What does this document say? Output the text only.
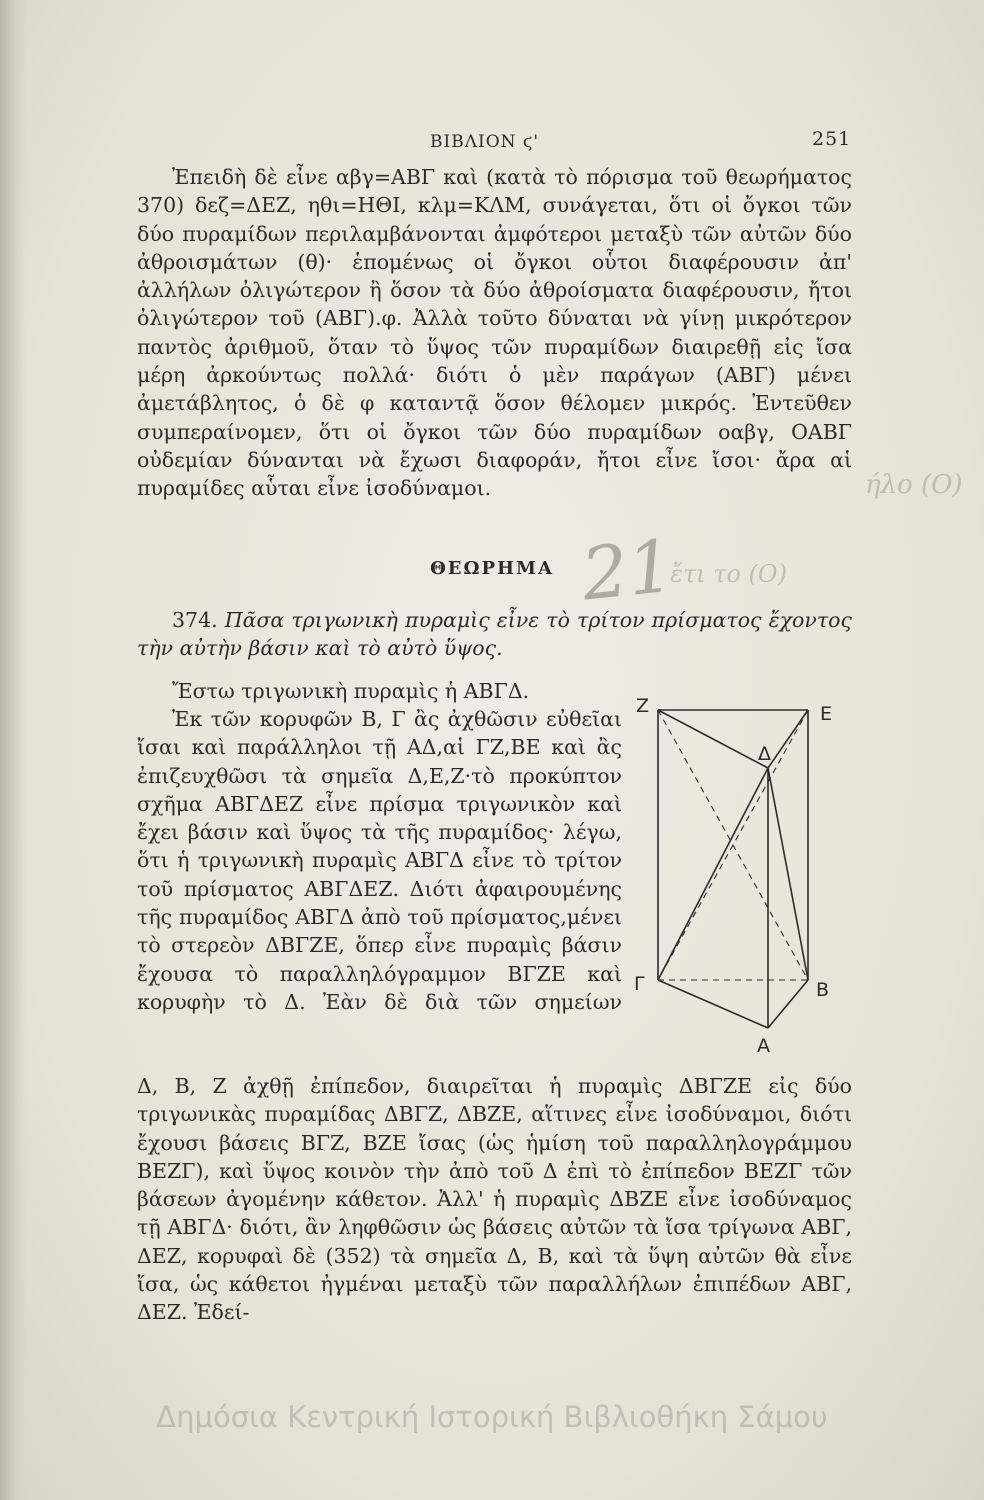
ΒΙΒΛΙΟΝ ϛ'	251
Ἐπειδὴ δὲ εἶνε αβγ=ΑΒΓ καὶ (κατὰ τὸ πόρισμα τοῦ θεωρήματος 370) δεζ=ΔΕΖ, ηθι=ΗΘΙ, κλμ=ΚΛΜ, συνάγεται, ὅτι οἱ ὄγκοι τῶν δύο πυραμίδων περιλαμβάνονται ἀμφότεροι μεταξὺ τῶν αὐτῶν δύο ἀθροισμάτων (θ)· ἑπομένως οἱ ὄγκοι οὗτοι διαφέρουσιν ἀπ' ἀλλήλων ὀλιγώτερον ἢ ὅσον τὰ δύο ἀθροίσματα διαφέρουσιν, ἤτοι ὀλιγώτερον τοῦ (ΑΒΓ).φ. Ἀλλὰ τοῦτο δύναται νὰ γίνῃ μικρότερον παντὸς ἀριθμοῦ, ὅταν τὸ ὕψος τῶν πυραμίδων διαιρεθῇ εἰς ἴσα μέρη ἀρκούντως πολλά· διότι ὁ μὲν παράγων (ΑΒΓ) μένει ἀμετάβλητος, ὁ δὲ φ καταντᾷ ὅσον θέλομεν μικρός. Ἐντεῦθεν συμπεραίνομεν, ὅτι οἱ ὄγκοι τῶν δύο πυραμίδων οαβγ, ΟΑΒΓ οὐδεμίαν δύνανται νὰ ἔχωσι διαφοράν, ἤτοι εἶνε ἴσοι· ἄρα αἱ πυραμίδες αὗται εἶνε ἰσοδύναμοι.
ΘΕΩΡΗΜΑ
374. Πᾶσα τριγωνικὴ πυραμὶς εἶνε τὸ τρίτον πρίσματος ἔχοντος τὴν αὐτὴν βάσιν καὶ τὸ αὐτὸ ὕψος.
Ἔστω τριγωνικὴ πυραμὶς ἡ ΑΒΓΔ.
Ἐκ τῶν κορυφῶν Β, Γ ἂς ἀχθῶσιν εὐθεῖαι ἴσαι καὶ παράλληλοι τῇ ΑΔ,αἱ ΓΖ,ΒΕ καὶ ἂς ἐπιζευχθῶσι τὰ σημεῖα Δ,Ε,Ζ·τὸ προκύπτον σχῆμα ΑΒΓΔΕΖ εἶνε πρίσμα τριγωνικὸν καὶ ἔχει βάσιν καὶ ὕψος τὰ τῆς πυραμίδος· λέγω, ὅτι ἡ τριγωνικὴ πυραμὶς ΑΒΓΔ εἶνε τὸ τρίτον τοῦ πρίσματος ΑΒΓΔΕΖ. Διότι ἀφαιρουμένης τῆς πυραμίδος ΑΒΓΔ ἀπὸ τοῦ πρίσματος,μένει τὸ στερεὸν ΔΒΓΖΕ, ὅπερ εἶνε πυραμὶς βάσιν ἔχουσα τὸ παραλληλόγραμμον ΒΓΖΕ καὶ κορυφὴν τὸ Δ. Ἐὰν δὲ διὰ τῶν σημείων
Δ, Β, Ζ ἀχθῇ ἐπίπεδον, διαιρεῖται ἡ πυραμὶς ΔΒΓΖΕ εἰς δύο τριγωνικὰς πυραμίδας ΔΒΓΖ, ΔΒΖΕ, αἵτινες εἶνε ἰσοδύναμοι, διότι ἔχουσι βάσεις ΒΓΖ, ΒΖΕ ἴσας (ὡς ἡμίση τοῦ παραλληλογράμμου ΒΕΖΓ), καὶ ὕψος κοινὸν τὴν ἀπὸ τοῦ Δ ἐπὶ τὸ ἐπίπεδον ΒΕΖΓ τῶν βάσεων ἀγομένην κάθετον. Ἀλλ' ἡ πυραμὶς ΔΒΖΕ εἶνε ἰσοδύναμος τῇ ΑΒΓΔ· διότι, ἂν ληφθῶσιν ὡς βάσεις αὐτῶν τὰ ἴσα τρίγωνα ΑΒΓ, ΔΕΖ, κορυφαὶ δὲ (352) τὰ σημεῖα Δ, Β, καὶ τὰ ὕψη αὐτῶν θὰ εἶνε ἴσα, ὡς κάθετοι ἠγμέναι μεταξὺ τῶν παραλλήλων ἐπιπέδων ΑΒΓ, ΔΕΖ. Ἐδεί-
Z	E
Δ
Γ	B
A
21
ήλο (O)
ἔτι το (O)
Δημόσια Κεντρική Ιστορική Βιβλιοθήκη Σάμου
